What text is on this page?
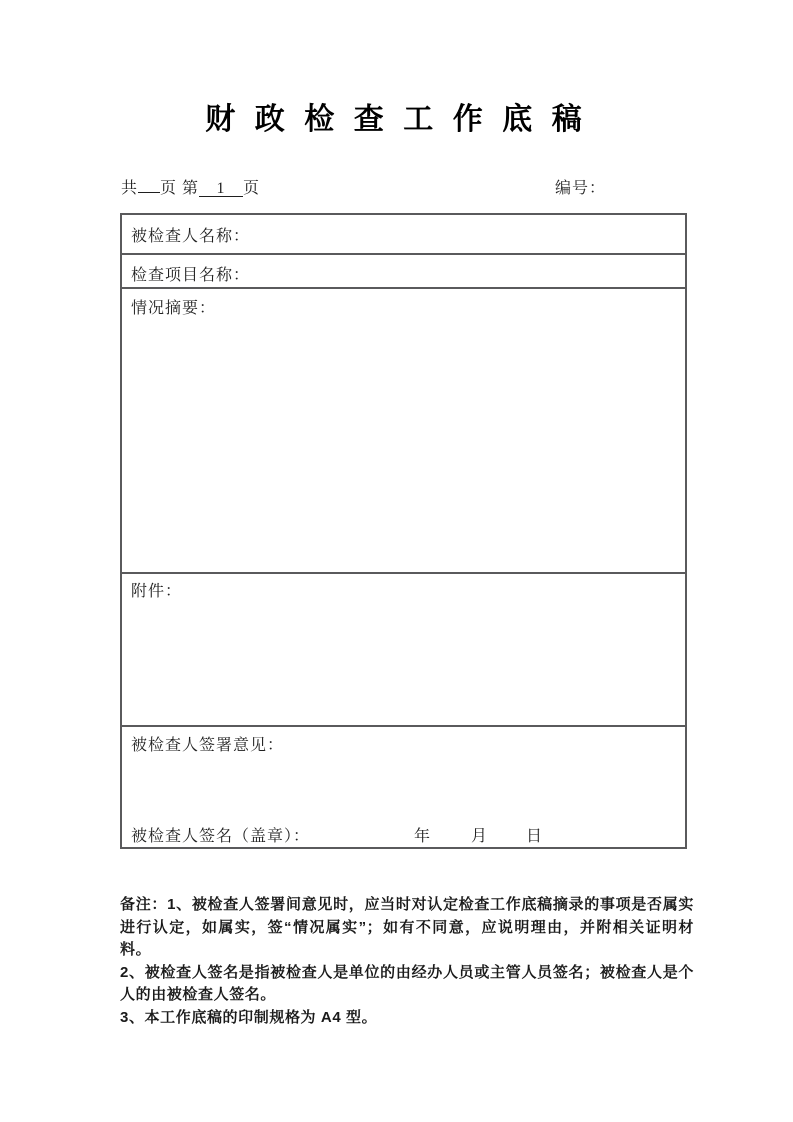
财 政 检 查 工 作 底 稿
共 页 第 1 页	编号：
被检查人名称：
检查项目名称：
情况摘要：
附件：
被检查人签署意见：
被检查人签名（盖章）：	年 月 日

备注：1、被检查人签署间意见时，应当时对认定检查工作底稿摘录的事项是否属实进行认定，如属实，签“情况属实”；如有不同意，应说明理由，并附相关证明材料。

2、被检查人签名是指被检查人是单位的由经办人员或主管人员签名；被检查人是个人的由被检查人签名。

3、本工作底稿的印制规格为 A4 型。
